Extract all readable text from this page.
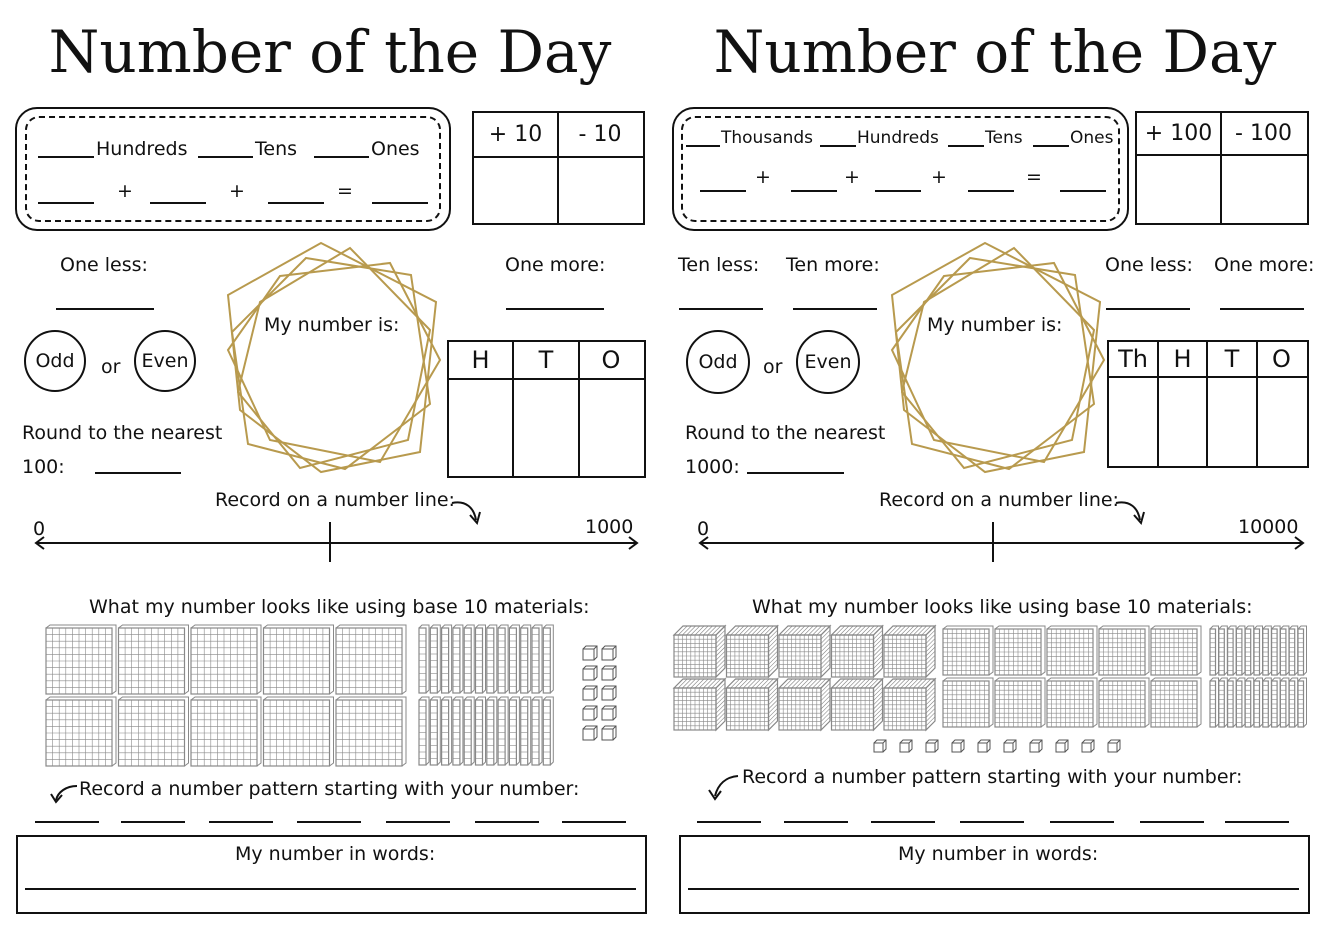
Number of the Day
Hundreds	Tens	Ones
+	+	=
+ 10	- 10
One less:	One more:
Odd or Even
My number is:
H	T	O
Round to the nearest
100:
Record on a number line:
0	1000
What my number looks like using base 10 materials:
Record a number pattern starting with your number:
My number in words:
Number of the Day
Thousands	Hundreds	Tens	Ones
+	+	+	=
+ 100	- 100
Ten less: Ten more:	One less: One more:
Odd or Even
My number is:
Th	H	T	O
Round to the nearest
1000:
Record on a number line:
0	10000
What my number looks like using base 10 materials:
Record a number pattern starting with your number:
My number in words:
